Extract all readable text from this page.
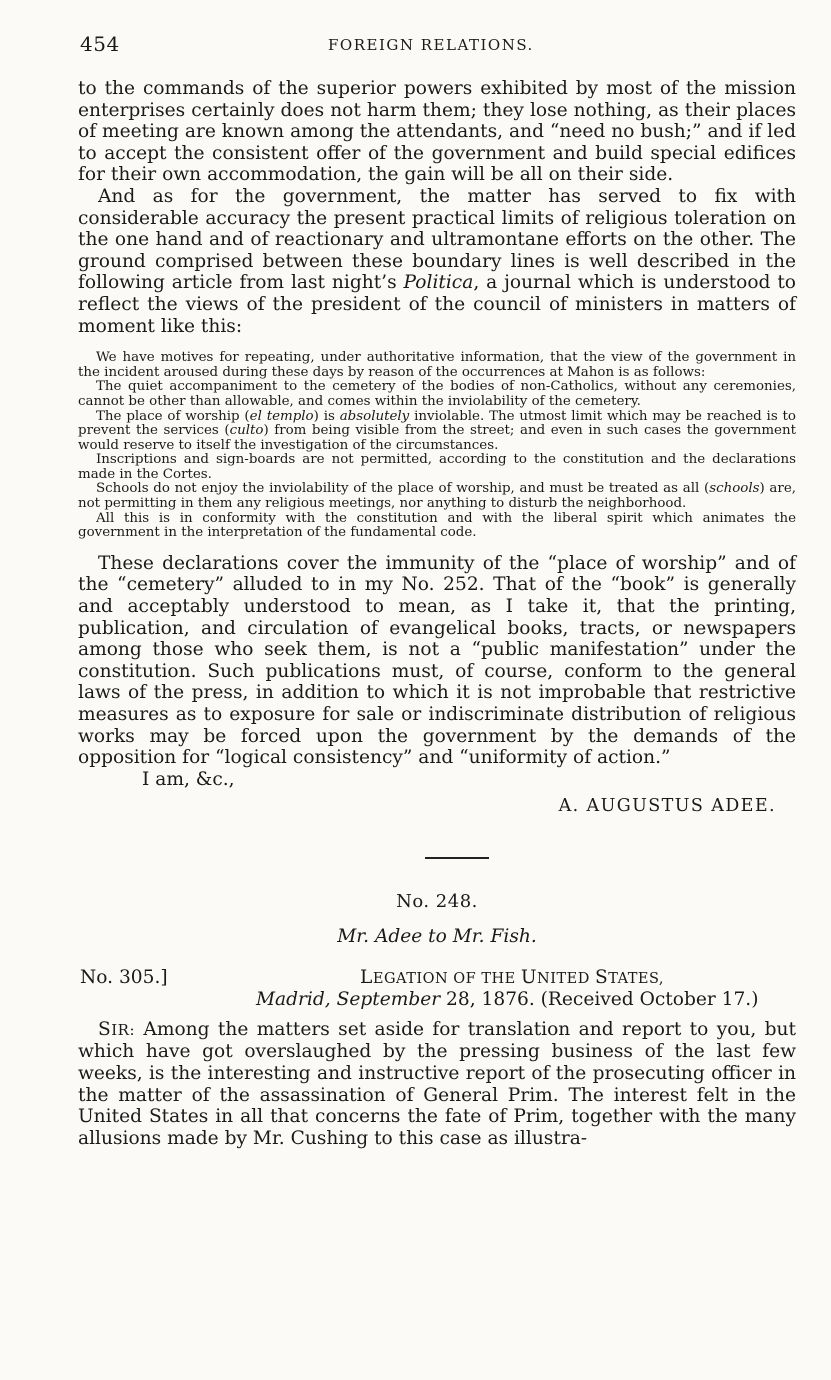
454	FOREIGN RELATIONS.

to the commands of the superior powers exhibited by most of the mission enterprises certainly does not harm them; they lose nothing, as their places of meeting are known among the attendants, and “need no bush;” and if led to accept the consistent offer of the government and build special edifices for their own accommodation, the gain will be all on their side.

And as for the government, the matter has served to fix with considerable accuracy the present practical limits of religious toleration on the one hand and of reactionary and ultramontane efforts on the other. The ground comprised between these boundary lines is well described in the following article from last night’s Politica, a journal which is understood to reflect the views of the president of the council of ministers in matters of moment like this:

We have motives for repeating, under authoritative information, that the view of the government in the incident aroused during these days by reason of the occurrences at Mahon is as follows:

The quiet accompaniment to the cemetery of the bodies of non-Catholics, without any ceremonies, cannot be other than allowable, and comes within the inviolability of the cemetery.

The place of worship (el templo) is absolutely inviolable. The utmost limit which may be reached is to prevent the services (culto) from being visible from the street; and even in such cases the government would reserve to itself the investigation of the circumstances.

Inscriptions and sign-boards are not permitted, according to the constitution and the declarations made in the Cortes.

Schools do not enjoy the inviolability of the place of worship, and must be treated as all (schools) are, not permitting in them any religious meetings, nor anything to disturb the neighborhood.

All this is in conformity with the constitution and with the liberal spirit which animates the government in the interpretation of the fundamental code.

These declarations cover the immunity of the “place of worship” and of the “cemetery” alluded to in my No. 252. That of the “book” is generally and acceptably understood to mean, as I take it, that the printing, publication, and circulation of evangelical books, tracts, or newspapers among those who seek them, is not a “public manifestation” under the constitution. Such publications must, of course, conform to the general laws of the press, in addition to which it is not improbable that restrictive measures as to exposure for sale or indiscriminate distribution of religious works may be forced upon the government by the demands of the opposition for “logical consistency” and “uniformity of action.”

I am, &c.,
A. AUGUSTUS ADEE.
No. 248.
Mr. Adee to Mr. Fish.
No. 305.]	LEGATION OF THE UNITED STATES,
Madrid, September 28, 1876. (Received October 17.)

SIR: Among the matters set aside for translation and report to you, but which have got overslaughed by the pressing business of the last few weeks, is the interesting and instructive report of the prosecuting officer in the matter of the assassination of General Prim. The interest felt in the United States in all that concerns the fate of Prim, together with the many allusions made by Mr. Cushing to this case as illustra-
